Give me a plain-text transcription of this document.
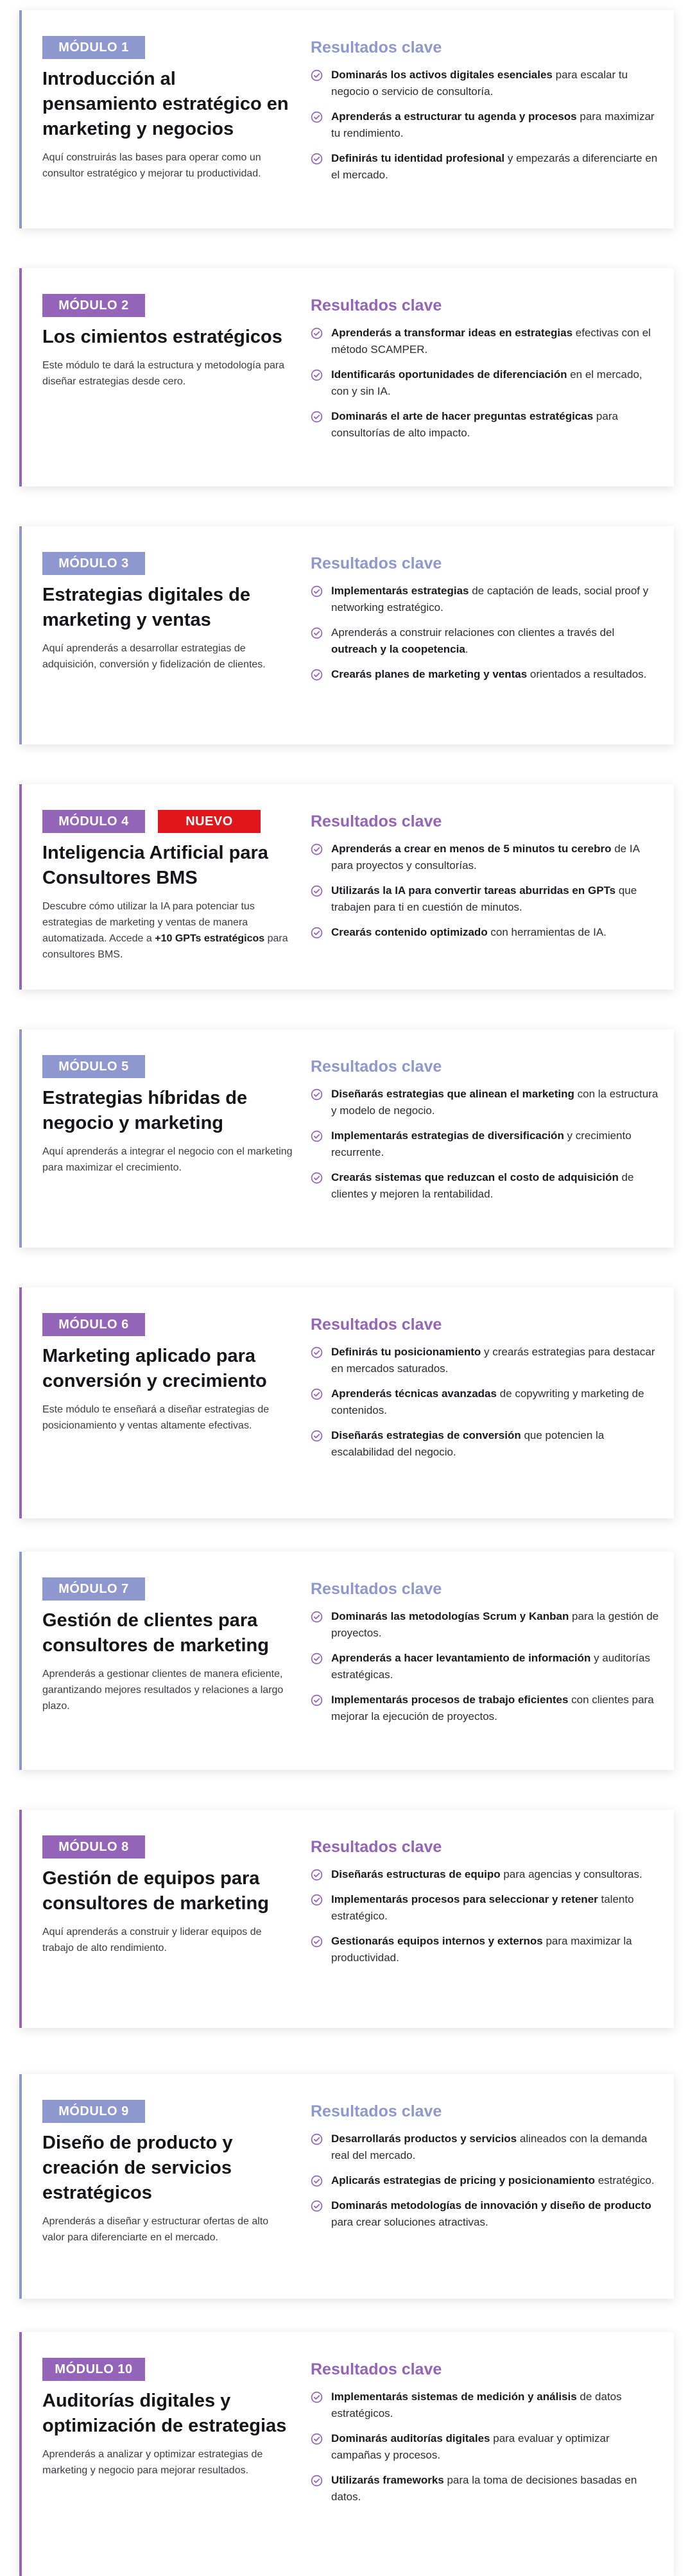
MÓDULO 1
Introducción al pensamiento estratégico en marketing y negocios

Aquí construirás las bases para operar como un consultor estratégico y mejorar tu productividad.

Resultados clave
Dominarás los activos digitales esenciales para escalar tu negocio o servicio de consultoría.
Aprenderás a estructurar tu agenda y procesos para maximizar tu rendimiento.
Definirás tu identidad profesional y empezarás a diferenciarte en el mercado.
MÓDULO 2
Los cimientos estratégicos

Este módulo te dará la estructura y metodología para diseñar estrategias desde cero.

Resultados clave
Aprenderás a transformar ideas en estrategias efectivas con el método SCAMPER.
Identificarás oportunidades de diferenciación en el mercado, con y sin IA.
Dominarás el arte de hacer preguntas estratégicas para consultorías de alto impacto.
MÓDULO 3
Estrategias digitales de marketing y ventas

Aquí aprenderás a desarrollar estrategias de adquisición, conversión y fidelización de clientes.

Resultados clave
Implementarás estrategias de captación de leads, social proof y networking estratégico.
Aprenderás a construir relaciones con clientes a través del outreach y la coopetencia.
Crearás planes de marketing y ventas orientados a resultados.
MÓDULO 4	NUEVO
Inteligencia Artificial para Consultores BMS

Descubre cómo utilizar la IA para potenciar tus estrategias de marketing y ventas de manera automatizada. Accede a +10 GPTs estratégicos para consultores BMS.

Resultados clave
Aprenderás a crear en menos de 5 minutos tu cerebro de IA para proyectos y consultorías.
Utilizarás la IA para convertir tareas aburridas en GPTs que trabajen para ti en cuestión de minutos.
Crearás contenido optimizado con herramientas de IA.
MÓDULO 5
Estrategias híbridas de negocio y marketing

Aquí aprenderás a integrar el negocio con el marketing para maximizar el crecimiento.

Resultados clave
Diseñarás estrategias que alinean el marketing con la estructura y modelo de negocio.
Implementarás estrategias de diversificación y crecimiento recurrente.
Crearás sistemas que reduzcan el costo de adquisición de clientes y mejoren la rentabilidad.
MÓDULO 6
Marketing aplicado para conversión y crecimiento

Este módulo te enseñará a diseñar estrategias de posicionamiento y ventas altamente efectivas.

Resultados clave
Definirás tu posicionamiento y crearás estrategias para destacar en mercados saturados.
Aprenderás técnicas avanzadas de copywriting y marketing de contenidos.
Diseñarás estrategias de conversión que potencien la escalabilidad del negocio.
MÓDULO 7
Gestión de clientes para consultores de marketing

Aprenderás a gestionar clientes de manera eficiente, garantizando mejores resultados y relaciones a largo plazo.

Resultados clave
Dominarás las metodologías Scrum y Kanban para la gestión de proyectos.
Aprenderás a hacer levantamiento de información y auditorías estratégicas.
Implementarás procesos de trabajo eficientes con clientes para mejorar la ejecución de proyectos.
MÓDULO 8
Gestión de equipos para consultores de marketing

Aquí aprenderás a construir y liderar equipos de trabajo de alto rendimiento.

Resultados clave
Diseñarás estructuras de equipo para agencias y consultoras.
Implementarás procesos para seleccionar y retener talento estratégico.
Gestionarás equipos internos y externos para maximizar la productividad.
MÓDULO 9
Diseño de producto y creación de servicios estratégicos

Aprenderás a diseñar y estructurar ofertas de alto valor para diferenciarte en el mercado.

Resultados clave
Desarrollarás productos y servicios alineados con la demanda real del mercado.
Aplicarás estrategias de pricing y posicionamiento estratégico.
Dominarás metodologías de innovación y diseño de producto para crear soluciones atractivas.
MÓDULO 10
Auditorías digitales y optimización de estrategias

Aprenderás a analizar y optimizar estrategias de marketing y negocio para mejorar resultados.

Resultados clave
Implementarás sistemas de medición y análisis de datos estratégicos.
Dominarás auditorías digitales para evaluar y optimizar campañas y procesos.
Utilizarás frameworks para la toma de decisiones basadas en datos.
